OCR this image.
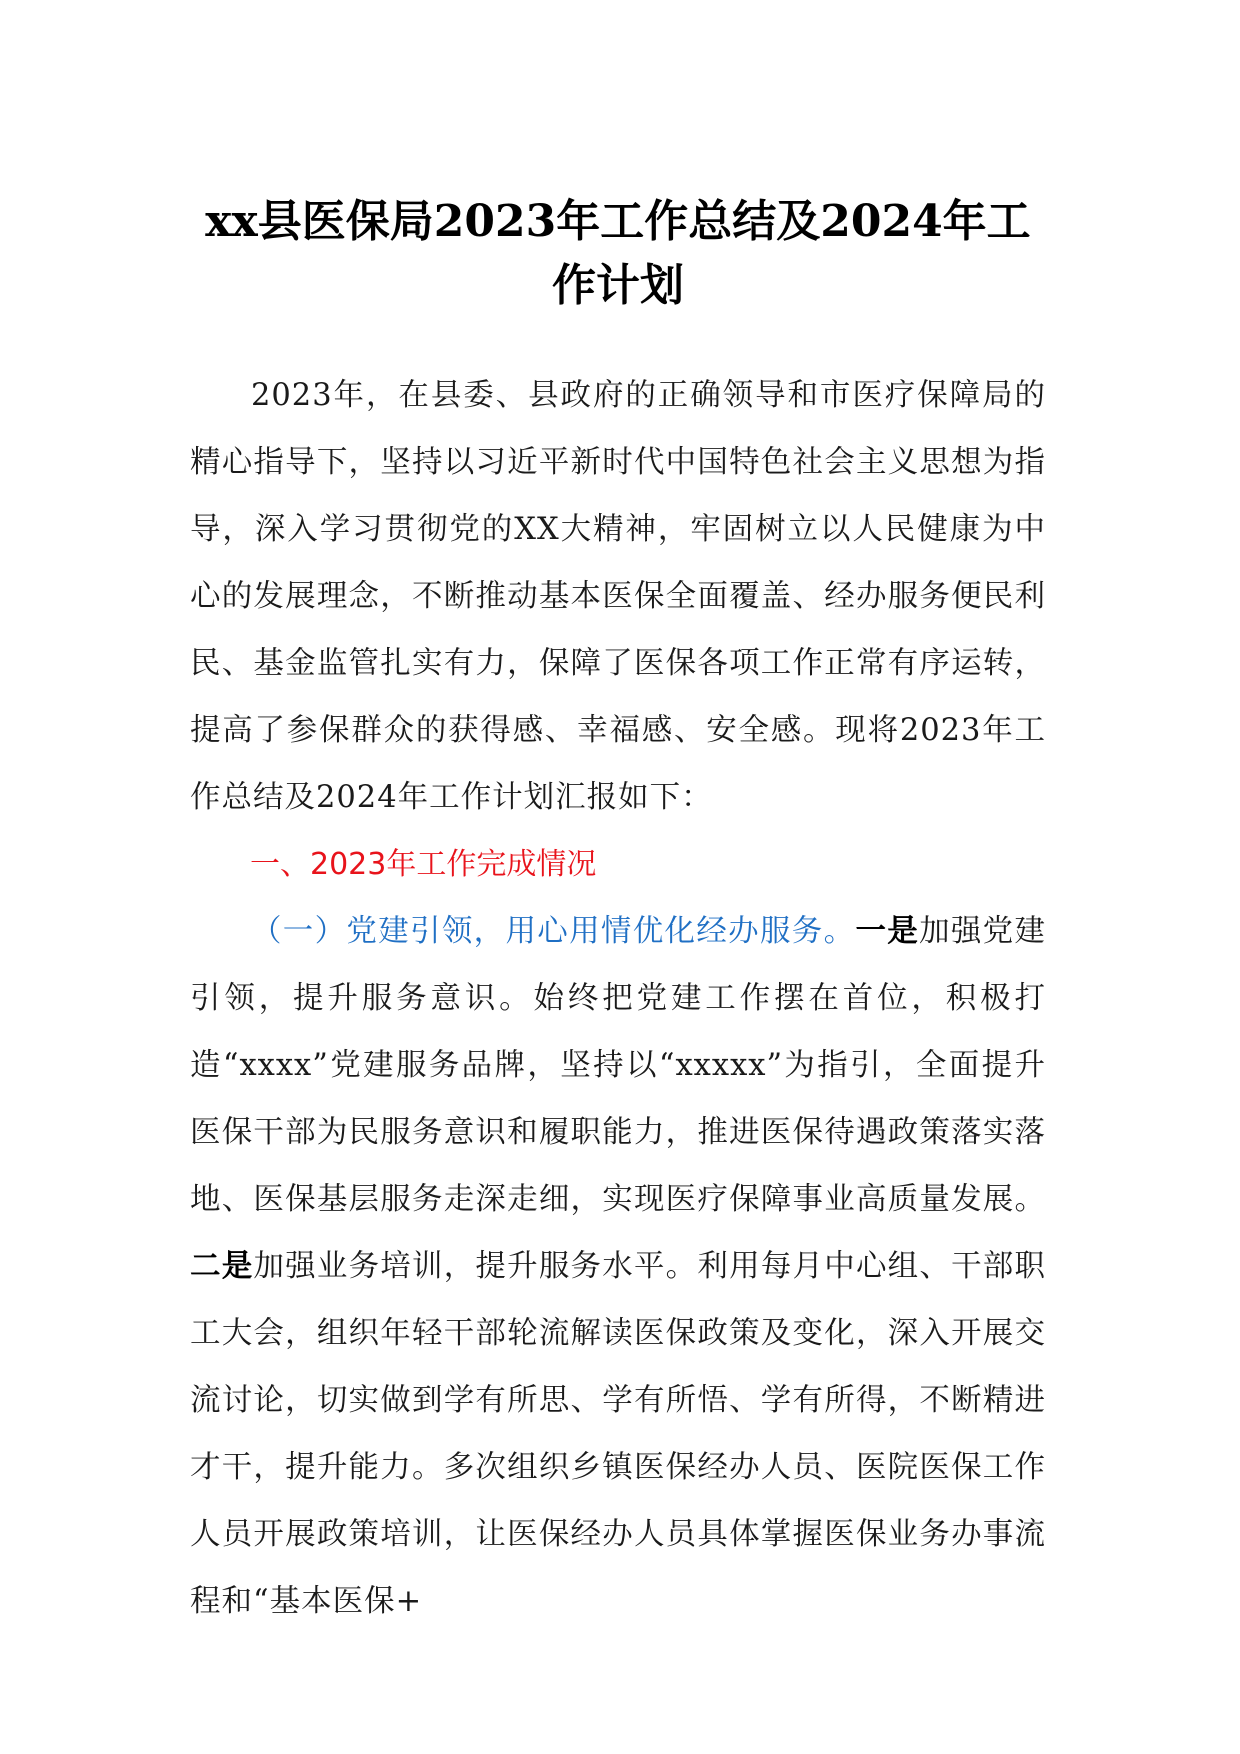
xx县医保局2023年工作总结及2024年工作计划

2023年，在县委、县政府的正确领导和市医疗保障局的精心指导下，坚持以习近平新时代中国特色社会主义思想为指导，深入学习贯彻党的XX大精神，牢固树立以人民健康为中心的发展理念，不断推动基本医保全面覆盖、经办服务便民利民、基金监管扎实有力，保障了医保各项工作正常有序运转，提高了参保群众的获得感、幸福感、安全感。现将2023年工作总结及2024年工作计划汇报如下：

一、2023年工作完成情况

（一）党建引领，用心用情优化经办服务。一是加强党建引领，提升服务意识。始终把党建工作摆在首位，积极打造“xxxx”党建服务品牌，坚持以“xxxxx”为指引，全面提升医保干部为民服务意识和履职能力，推进医保待遇政策落实落地、医保基层服务走深走细，实现医疗保障事业高质量发展。二是加强业务培训，提升服务水平。利用每月中心组、干部职工大会，组织年轻干部轮流解读医保政策及变化，深入开展交流讨论，切实做到学有所思、学有所悟、学有所得，不断精进才干，提升能力。多次组织乡镇医保经办人员、医院医保工作人员开展政策培训，让医保经办人员具体掌握医保业务办事流程和“基本医保+
